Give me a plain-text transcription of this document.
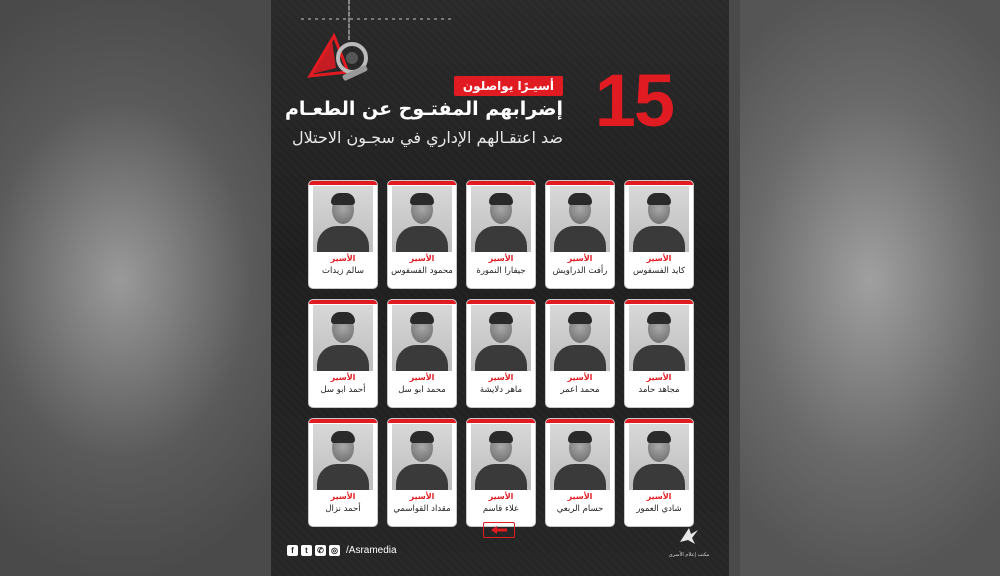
15
أسيـرًا يواصلون
إضرابهم المفتـوح عن الطعـام
ضد اعتقـالهم الإداري في سجـون الاحتلال
الأسير
كايد الفسفوس
الأسير
رأفت الدراويش
الأسير
جيفارا النمورة
الأسير
محمود الفسفوس
الأسير
سالم زيدات
الأسير
مجاهد حامد
الأسير
محمد اعمر
الأسير
ماهر دلايشة
الأسير
محمد ابو سل
الأسير
أحمد ابو سل
الأسير
شادي العمور
الأسير
حسام الربعي
الأسير
علاء قاسم
الأسير
مقداد القواسمي
الأسير
أحمد نزال
f	t	✆ ◎ /Asramedia	مكتب إعلام الأسرى
